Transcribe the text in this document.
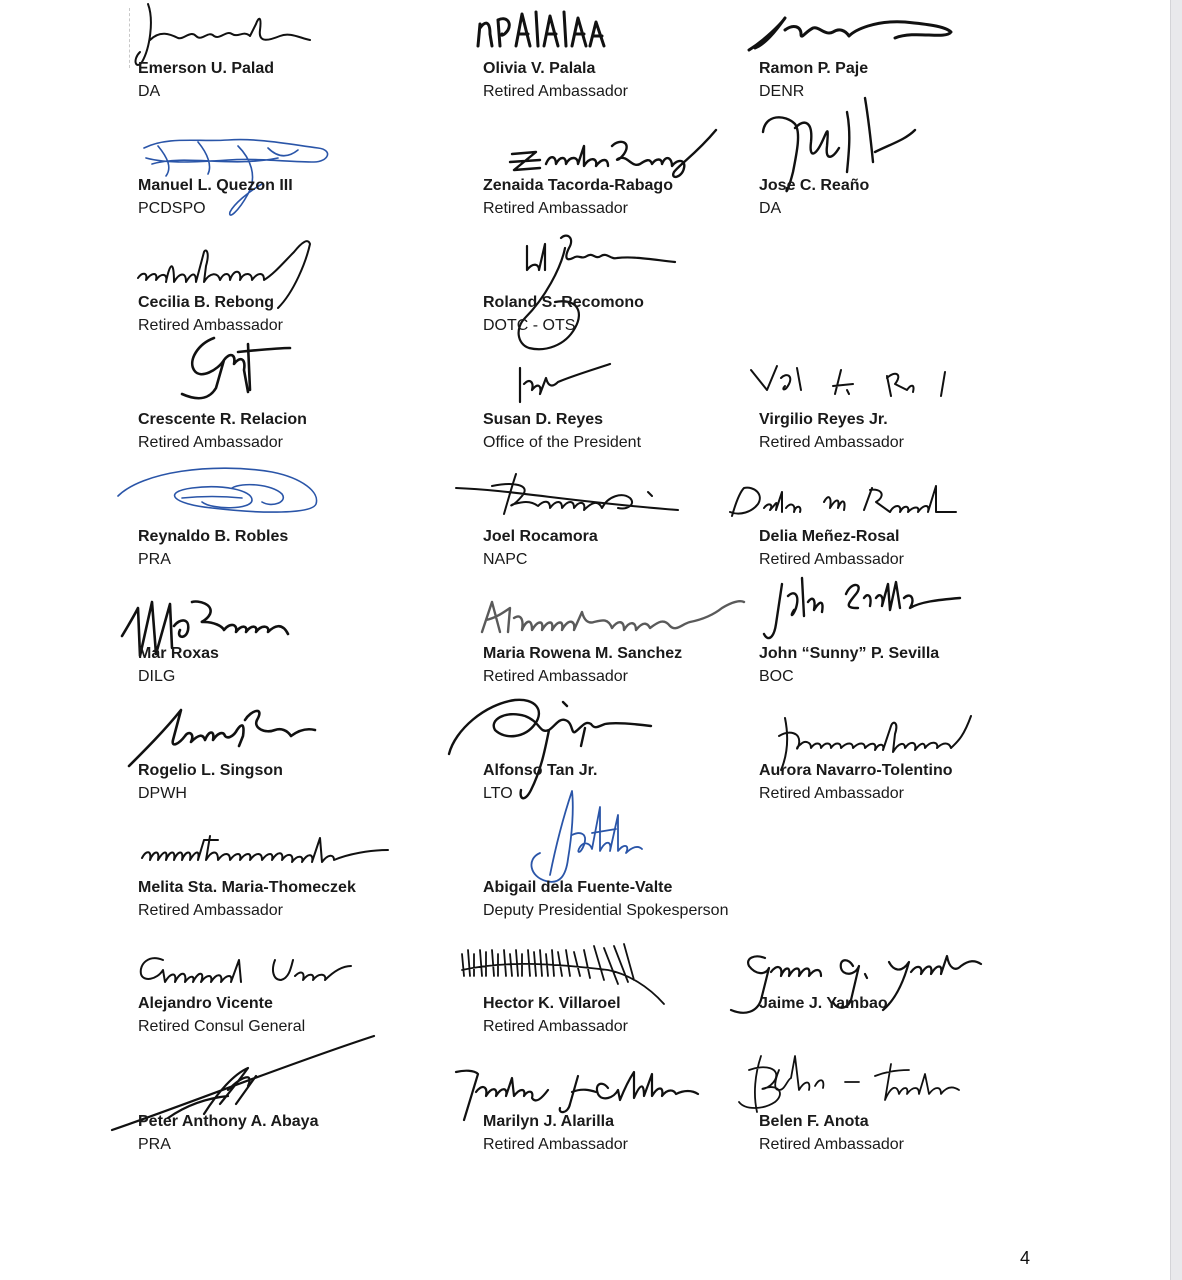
Emerson U. Palad
DA
Olivia V. Palala
Retired Ambassador
Ramon P. Paje
DENR
Manuel L. Quezon III
PCDSPO
Zenaida Tacorda-Rabago
Retired Ambassador
Jose C. Reaño
DA
Cecilia B. Rebong
Retired Ambassador
Roland S. Recomono
DOTC - OTS
Crescente R. Relacion
Retired Ambassador
Susan D. Reyes
Office of the President
Virgilio Reyes Jr.
Retired Ambassador
Reynaldo B. Robles
PRA
Joel Rocamora
NAPC
Delia Meñez-Rosal
Retired Ambassador
Mar Roxas
DILG
Maria Rowena M. Sanchez
Retired Ambassador
John “Sunny” P. Sevilla
BOC
Rogelio L. Singson
DPWH
Alfonso Tan Jr.
LTO
Aurora Navarro-Tolentino
Retired Ambassador
Melita Sta. Maria-Thomeczek
Retired Ambassador
Abigail dela Fuente-Valte
Deputy Presidential Spokesperson
Alejandro Vicente
Retired Consul General
Hector K. Villaroel
Retired Ambassador
Jaime J. Yambao
Peter Anthony A. Abaya
PRA
Marilyn J. Alarilla
Retired Ambassador
Belen F. Anota
Retired Ambassador
4
